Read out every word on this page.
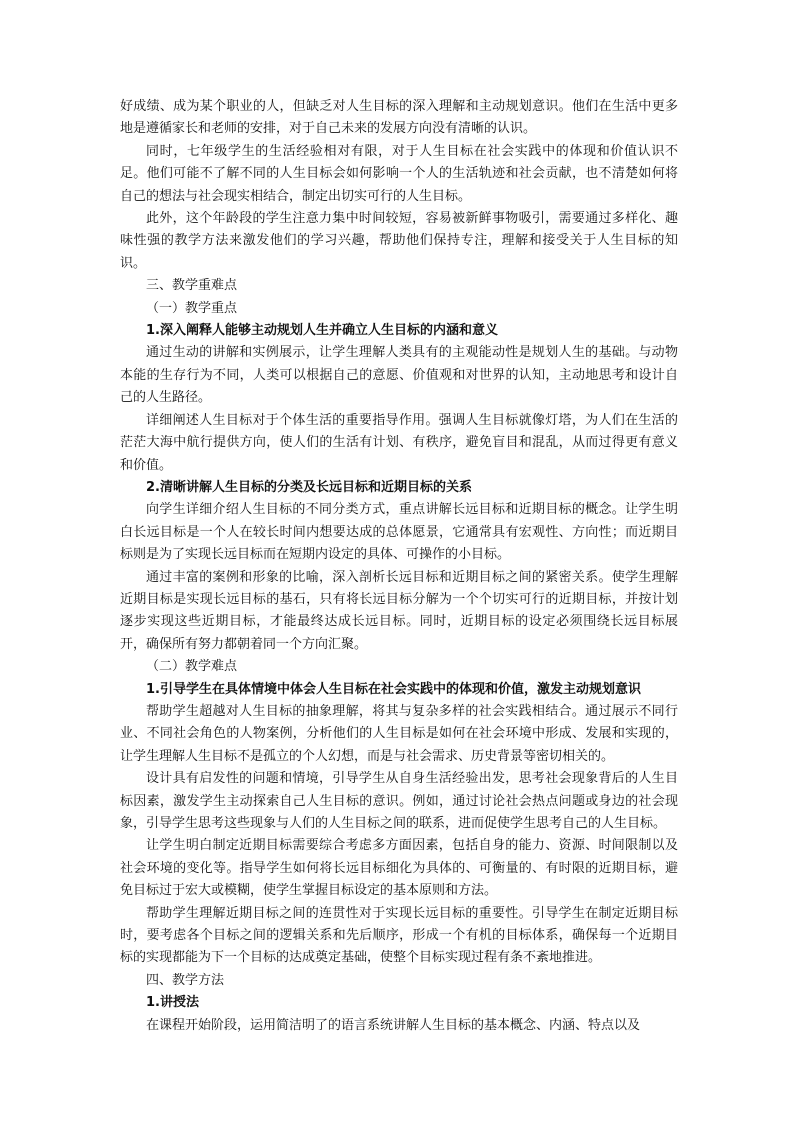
好成绩、成为某个职业的人，但缺乏对人生目标的深入理解和主动规划意识。他们在生活中更多地是遵循家长和老师的安排，对于自己未来的发展方向没有清晰的认识。

同时，七年级学生的生活经验相对有限，对于人生目标在社会实践中的体现和价值认识不足。他们可能不了解不同的人生目标会如何影响一个人的生活轨迹和社会贡献，也不清楚如何将自己的想法与社会现实相结合，制定出切实可行的人生目标。

此外，这个年龄段的学生注意力集中时间较短，容易被新鲜事物吸引，需要通过多样化、趣味性强的教学方法来激发他们的学习兴趣，帮助他们保持专注，理解和接受关于人生目标的知识。

三、教学重难点

（一）教学重点

1.深入阐释人能够主动规划人生并确立人生目标的内涵和意义

通过生动的讲解和实例展示，让学生理解人类具有的主观能动性是规划人生的基础。与动物本能的生存行为不同，人类可以根据自己的意愿、价值观和对世界的认知，主动地思考和设计自己的人生路径。

详细阐述人生目标对于个体生活的重要指导作用。强调人生目标就像灯塔，为人们在生活的茫茫大海中航行提供方向，使人们的生活有计划、有秩序，避免盲目和混乱，从而过得更有意义和价值。

2.清晰讲解人生目标的分类及长远目标和近期目标的关系

向学生详细介绍人生目标的不同分类方式，重点讲解长远目标和近期目标的概念。让学生明白长远目标是一个人在较长时间内想要达成的总体愿景，它通常具有宏观性、方向性；而近期目标则是为了实现长远目标而在短期内设定的具体、可操作的小目标。

通过丰富的案例和形象的比喻，深入剖析长远目标和近期目标之间的紧密关系。使学生理解近期目标是实现长远目标的基石，只有将长远目标分解为一个个切实可行的近期目标，并按计划逐步实现这些近期目标，才能最终达成长远目标。同时，近期目标的设定必须围绕长远目标展开，确保所有努力都朝着同一个方向汇聚。

（二）教学难点

1.引导学生在具体情境中体会人生目标在社会实践中的体现和价值，激发主动规划意识

帮助学生超越对人生目标的抽象理解，将其与复杂多样的社会实践相结合。通过展示不同行业、不同社会角色的人物案例，分析他们的人生目标是如何在社会环境中形成、发展和实现的，让学生理解人生目标不是孤立的个人幻想，而是与社会需求、历史背景等密切相关的。

设计具有启发性的问题和情境，引导学生从自身生活经验出发，思考社会现象背后的人生目标因素，激发学生主动探索自己人生目标的意识。例如，通过讨论社会热点问题或身边的社会现象，引导学生思考这些现象与人们的人生目标之间的联系，进而促使学生思考自己的人生目标。

让学生明白制定近期目标需要综合考虑多方面因素，包括自身的能力、资源、时间限制以及社会环境的变化等。指导学生如何将长远目标细化为具体的、可衡量的、有时限的近期目标，避免目标过于宏大或模糊，使学生掌握目标设定的基本原则和方法。

帮助学生理解近期目标之间的连贯性对于实现长远目标的重要性。引导学生在制定近期目标时，要考虑各个目标之间的逻辑关系和先后顺序，形成一个有机的目标体系，确保每一个近期目标的实现都能为下一个目标的达成奠定基础，使整个目标实现过程有条不紊地推进。

四、教学方法

1.讲授法

在课程开始阶段，运用简洁明了的语言系统讲解人生目标的基本概念、内涵、特点以及
